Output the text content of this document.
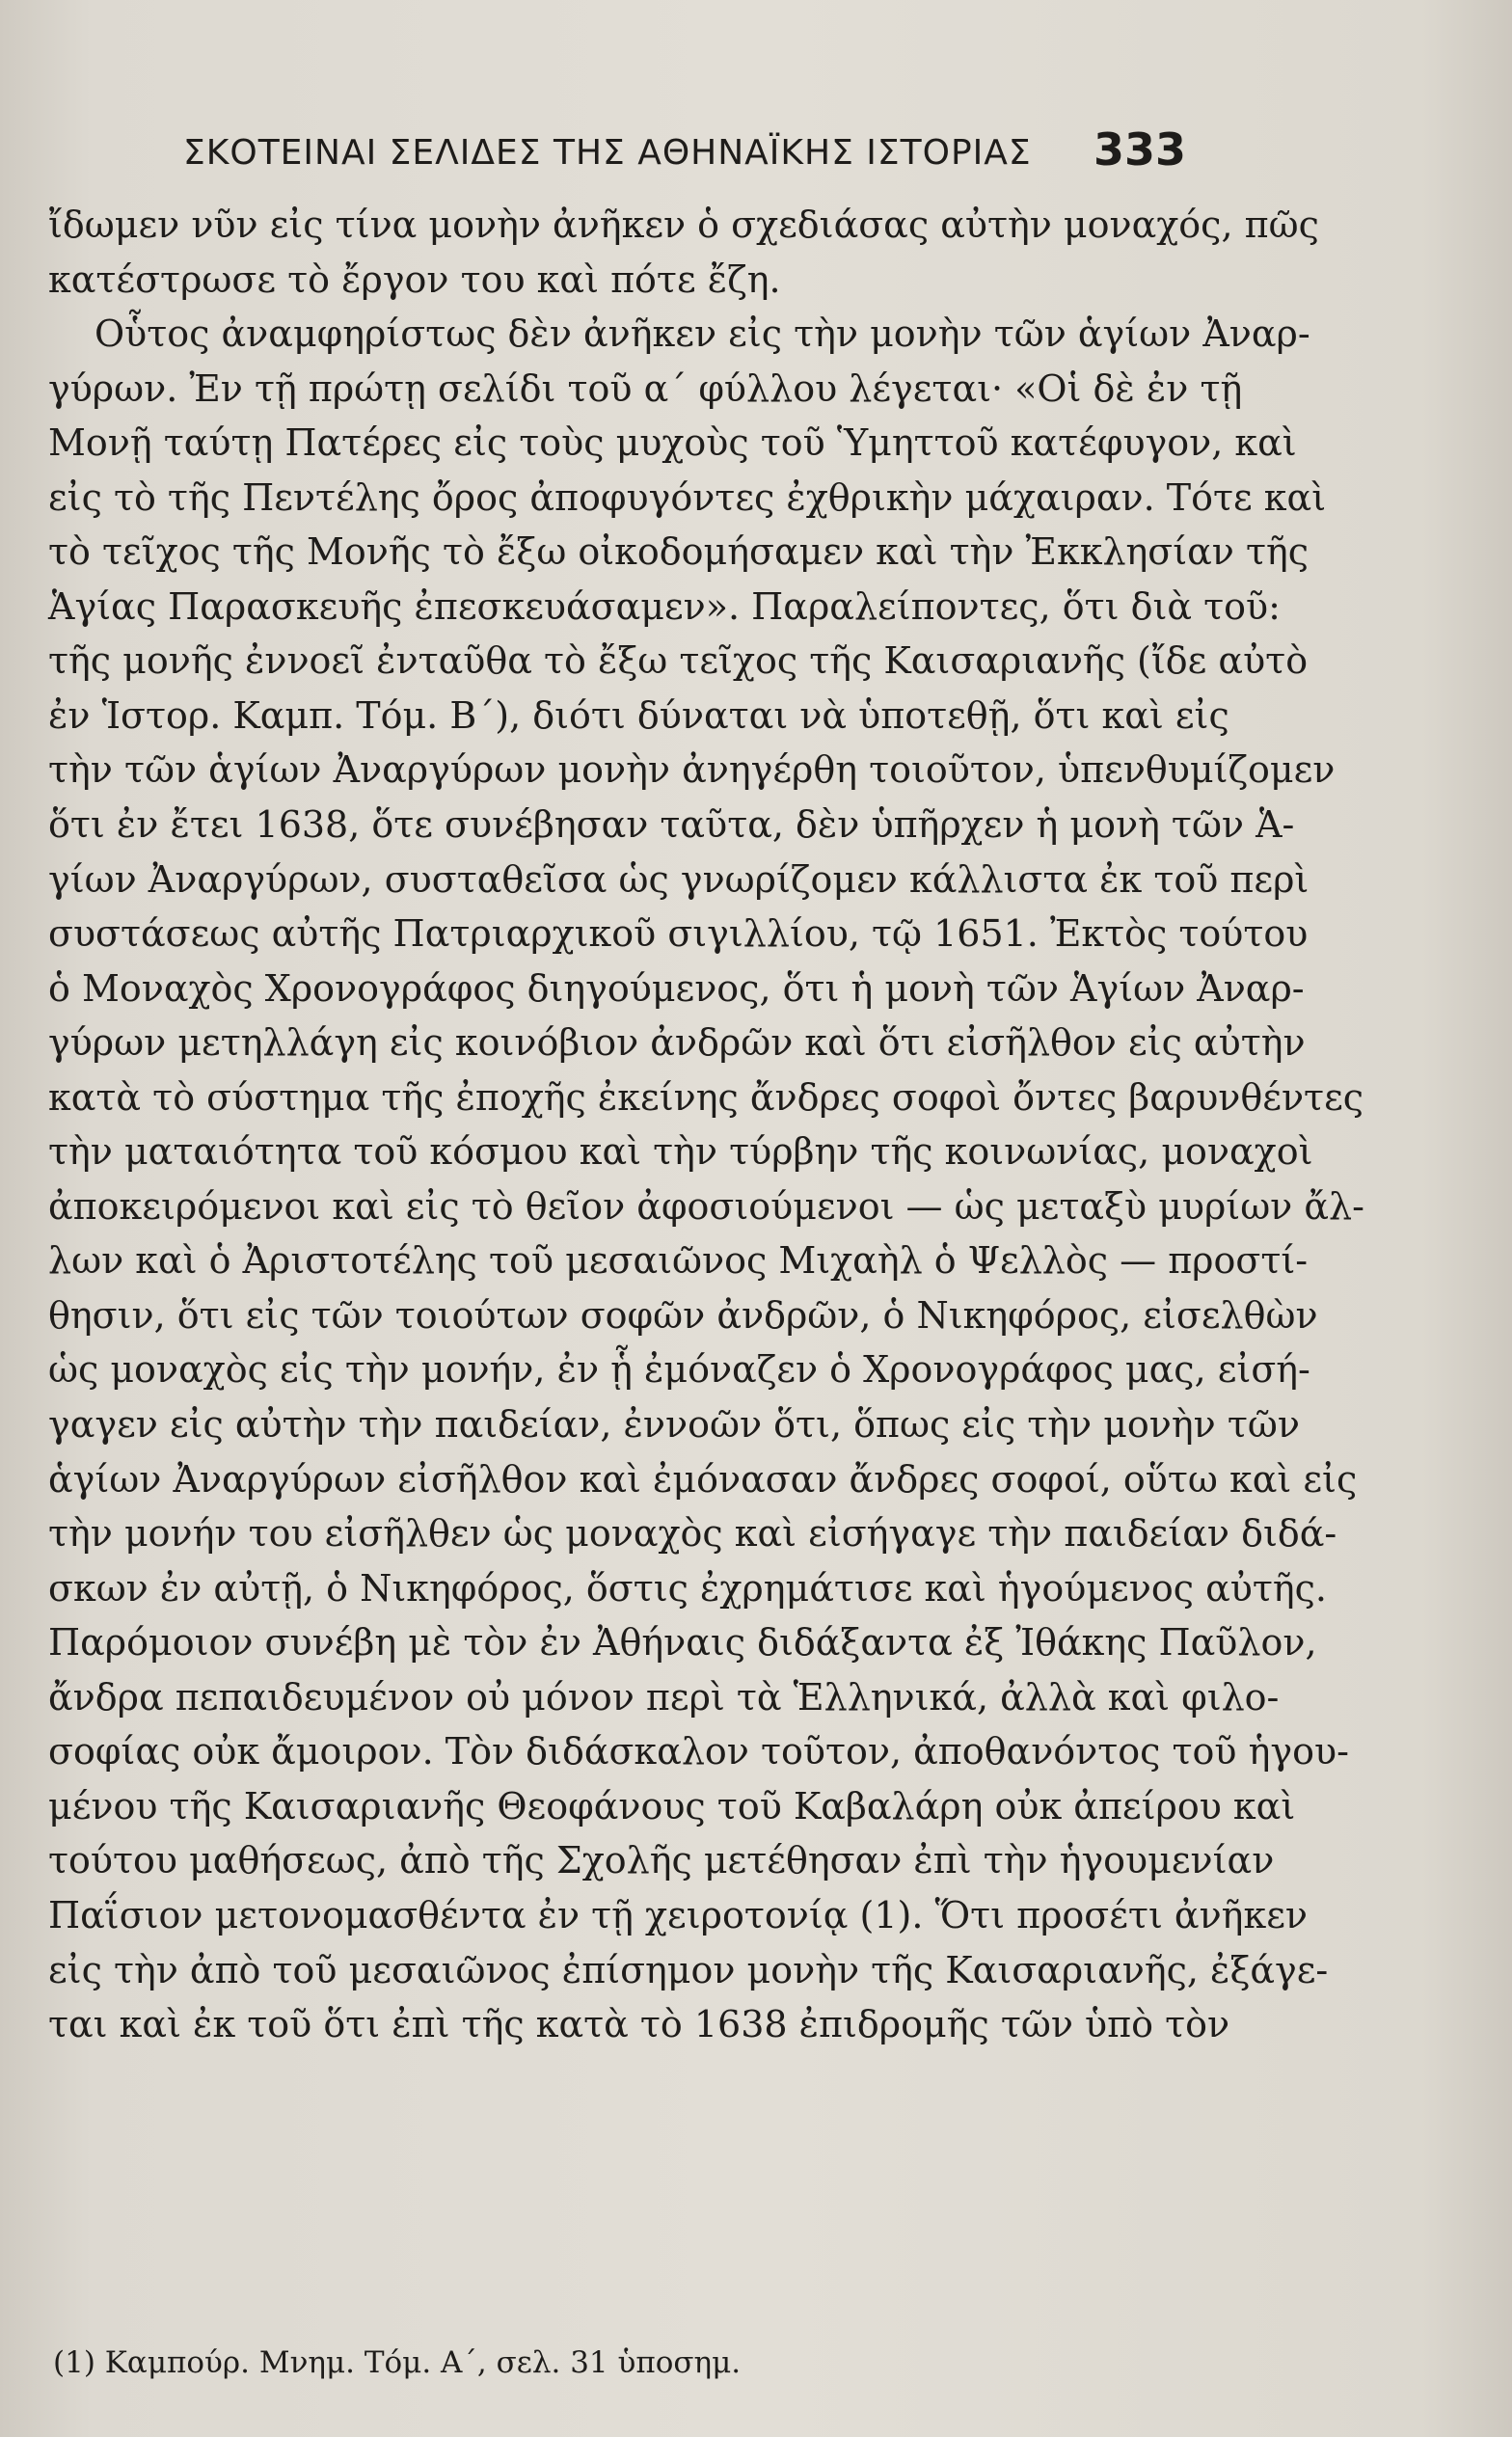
ΣΚΟΤΕΙΝΑΙ ΣΕΛΙΔΕΣ ΤΗΣ ΑΘΗΝΑΪΚΗΣ ΙΣΤΟΡΙΑΣ 333
ἴδωμεν νῦν εἰς τίνα μονὴν ἀνῆκεν ὁ σχεδιάσας αὐτὴν μοναχός, πῶς
κατέστρωσε τὸ ἔργον του καὶ πότε ἔζη.
Οὗτος ἀναμφηρίστως δὲν ἀνῆκεν εἰς τὴν μονὴν τῶν ἁγίων Ἀναρ-
γύρων. Ἐν τῇ πρώτῃ σελίδι τοῦ α΄ φύλλου λέγεται· «Οἱ δὲ ἐν τῇ
Μονῇ ταύτῃ Πατέρες εἰς τοὺς μυχοὺς τοῦ Ὑμηττοῦ κατέφυγον, καὶ
εἰς τὸ τῆς Πεντέλης ὄρος ἀποφυγόντες ἐχθρικὴν μάχαιραν. Τότε καὶ
τὸ τεῖχος τῆς Μονῆς τὸ ἔξω οἰκοδομήσαμεν καὶ τὴν Ἐκκλησίαν τῆς
Ἁγίας Παρασκευῆς ἐπεσκευάσαμεν». Παραλείποντες, ὅτι διὰ τοῦ:
τῆς μονῆς ἐννοεῖ ἐνταῦθα τὸ ἔξω τεῖχος τῆς Καισαριανῆς (ἴδε αὐτὸ
ἐν Ἱστορ. Καμπ. Τόμ. Β΄), διότι δύναται νὰ ὑποτεθῇ, ὅτι καὶ εἰς
τὴν τῶν ἁγίων Ἀναργύρων μονὴν ἀνηγέρθη τοιοῦτον, ὑπενθυμίζομεν
ὅτι ἐν ἔτει 1638, ὅτε συνέβησαν ταῦτα, δὲν ὑπῆρχεν ἡ μονὴ τῶν Ἁ-
γίων Ἀναργύρων, συσταθεῖσα ὡς γνωρίζομεν κάλλιστα ἐκ τοῦ περὶ
συστάσεως αὐτῆς Πατριαρχικοῦ σιγιλλίου, τῷ 1651. Ἐκτὸς τούτου
ὁ Μοναχὸς Χρονογράφος διηγούμενος, ὅτι ἡ μονὴ τῶν Ἁγίων Ἀναρ-
γύρων μετηλλάγη εἰς κοινόβιον ἀνδρῶν καὶ ὅτι εἰσῆλθον εἰς αὐτὴν
κατὰ τὸ σύστημα τῆς ἐποχῆς ἐκείνης ἄνδρες σοφοὶ ὄντες βαρυνθέντες
τὴν ματαιότητα τοῦ κόσμου καὶ τὴν τύρβην τῆς κοινωνίας, μοναχοὶ
ἀποκειρόμενοι καὶ εἰς τὸ θεῖον ἀφοσιούμενοι — ὡς μεταξὺ μυρίων ἄλ-
λων καὶ ὁ Ἀριστοτέλης τοῦ μεσαιῶνος Μιχαὴλ ὁ Ψελλὸς — προστί-
θησιν, ὅτι εἰς τῶν τοιούτων σοφῶν ἀνδρῶν, ὁ Νικηφόρος, εἰσελθὼν
ὡς μοναχὸς εἰς τὴν μονήν, ἐν ᾗ ἐμόναζεν ὁ Χρονογράφος μας, εἰσή-
γαγεν εἰς αὐτὴν τὴν παιδείαν, ἐννοῶν ὅτι, ὅπως εἰς τὴν μονὴν τῶν
ἁγίων Ἀναργύρων εἰσῆλθον καὶ ἐμόνασαν ἄνδρες σοφοί, οὕτω καὶ εἰς
τὴν μονήν του εἰσῆλθεν ὡς μοναχὸς καὶ εἰσήγαγε τὴν παιδείαν διδά-
σκων ἐν αὐτῇ, ὁ Νικηφόρος, ὅστις ἐχρημάτισε καὶ ἡγούμενος αὐτῆς.
Παρόμοιον συνέβη μὲ τὸν ἐν Ἀθήναις διδάξαντα ἐξ Ἰθάκης Παῦλον,
ἄνδρα πεπαιδευμένον οὐ μόνον περὶ τὰ Ἑλληνικά, ἀλλὰ καὶ φιλο-
σοφίας οὐκ ἄμοιρον. Τὸν διδάσκαλον τοῦτον, ἀποθανόντος τοῦ ἡγου-
μένου τῆς Καισαριανῆς Θεοφάνους τοῦ Καβαλάρη οὐκ ἀπείρου καὶ
τούτου μαθήσεως, ἀπὸ τῆς Σχολῆς μετέθησαν ἐπὶ τὴν ἡγουμενίαν
Παΐσιον μετονομασθέντα ἐν τῇ χειροτονίᾳ (1). Ὅτι προσέτι ἀνῆκεν
εἰς τὴν ἀπὸ τοῦ μεσαιῶνος ἐπίσημον μονὴν τῆς Καισαριανῆς, ἐξάγε-
ται καὶ ἐκ τοῦ ὅτι ἐπὶ τῆς κατὰ τὸ 1638 ἐπιδρομῆς τῶν ὑπὸ τὸν
(1) Καμπούρ. Μνημ. Τόμ. Α΄, σελ. 31 ὑποσημ.
